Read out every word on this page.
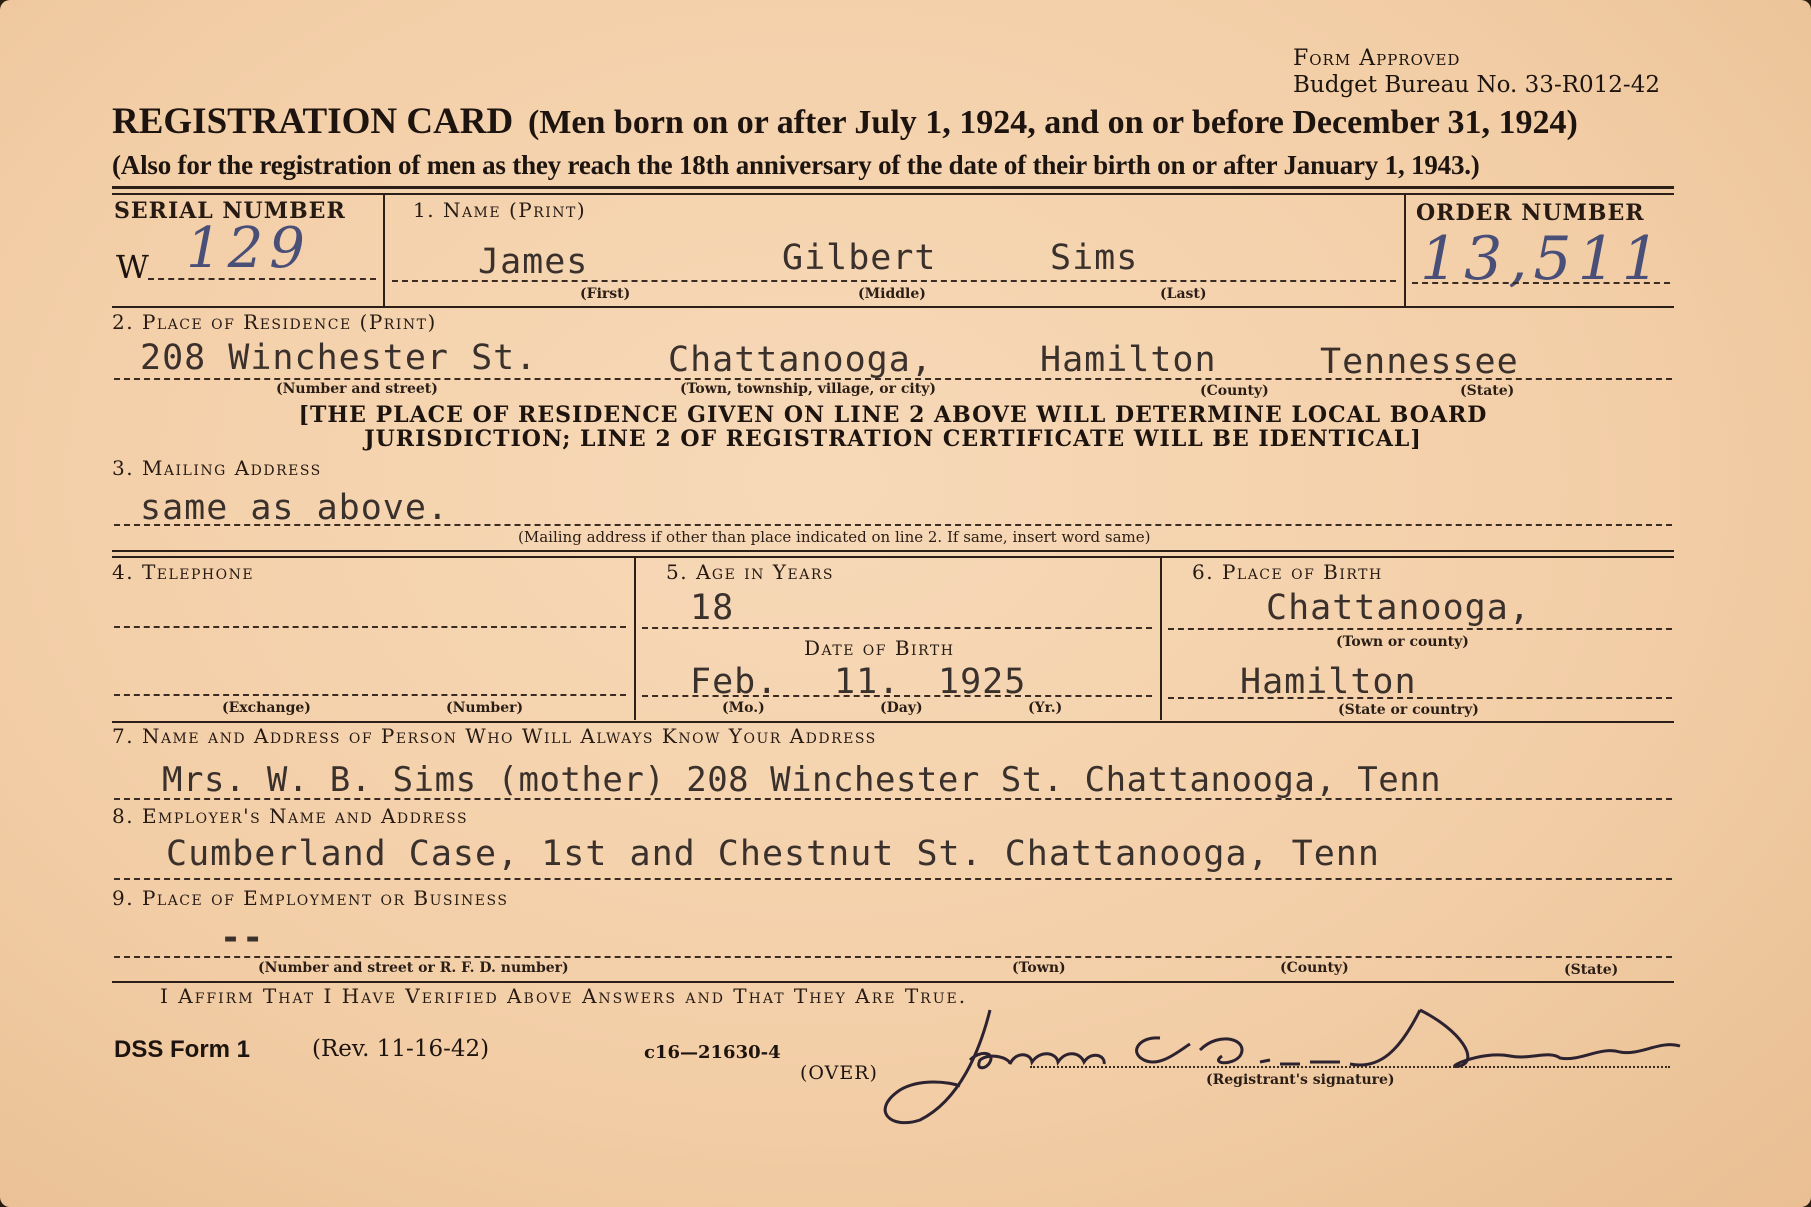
Form Approved
Budget Bureau No. 33-R012-42
REGISTRATION CARD (Men born on or after July 1, 1924, and on or before December 31, 1924)
(Also for the registration of men as they reach the 18th anniversary of the date of their birth on or after January 1, 1943.)
SERIAL NUMBER
W 129
1. Name (Print)
James	Gilbert	Sims
(First)	(Middle)	(Last)
ORDER NUMBER
13,511
2. Place of Residence (Print)
208 Winchester St.	Chattanooga,	Hamilton	Tennessee
(Number and street)	(Town, township, village, or city)	(County)	(State)
[THE PLACE OF RESIDENCE GIVEN ON LINE 2 ABOVE WILL DETERMINE LOCAL BOARD
JURISDICTION; LINE 2 OF REGISTRATION CERTIFICATE WILL BE IDENTICAL]
3. Mailing Address
same as above.
(Mailing address if other than place indicated on line 2. If same, insert word same)
4. Telephone
(Exchange)	(Number)
5. Age in Years
18
Date of Birth
Feb. 11. 1925
(Mo.)	(Day)	(Yr.)
6. Place of Birth
Chattanooga,
(Town or county)
Hamilton
(State or country)
7. Name and Address of Person Who Will Always Know Your Address
Mrs. W. B. Sims (mother) 208 Winchester St. Chattanooga, Tenn
8. Employer's Name and Address
Cumberland Case, 1st and Chestnut St. Chattanooga, Tenn
9. Place of Employment or Business
--
(Number and street or R. F. D. number)	(Town)	(County)	(State)
I Affirm That I Have Verified Above Answers and That They Are True.
DSS Form 1	(Rev. 11-16-42)	c16—21630-4
(OVER)	(Registrant's signature)
